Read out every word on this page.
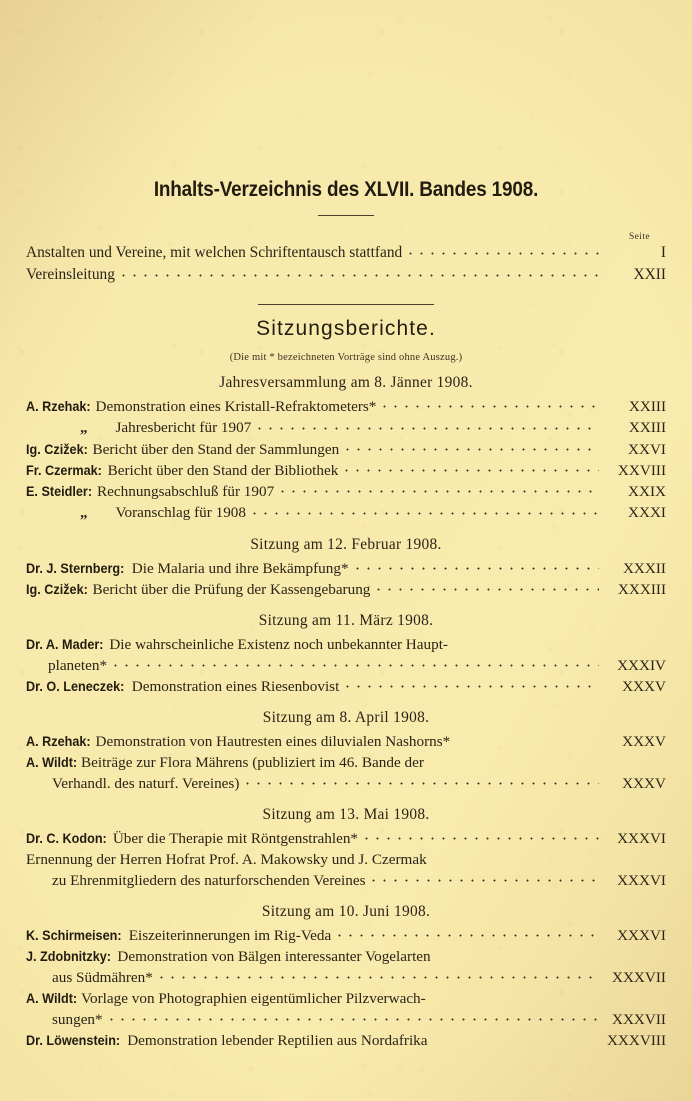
Inhalts-Verzeichnis des XLVII. Bandes 1908.
Seite
Anstalten und Vereine, mit welchen Schriftentausch stattfand	I
Vereinsleitung	XXII
Sitzungsberichte.
(Die mit * bezeichneten Vorträge sind ohne Auszug.)
Jahresversammlung am 8. Jänner 1908.
A. Rzehak: Demonstration eines Kristall-Refraktometers*	XXIII
„	Jahresbericht für 1907	XXIII
Ig. Czižek: Bericht über den Stand der Sammlungen	XXVI
Fr. Czermak: Bericht über den Stand der Bibliothek	XXVIII
E. Steidler: Rechnungsabschluß für 1907	XXIX
„	Voranschlag für 1908	XXXI
Sitzung am 12. Februar 1908.
Dr. J. Sternberg: Die Malaria und ihre Bekämpfung*	XXXII
Ig. Czižek: Bericht über die Prüfung der Kassengebarung	XXXIII
Sitzung am 11. März 1908.
Dr. A. Mader: Die wahrscheinliche Existenz noch unbekannter Haupt-
planeten*	XXXIV
Dr. O. Leneczek: Demonstration eines Riesenbovist	XXXV
Sitzung am 8. April 1908.
A. Rzehak: Demonstration von Hautresten eines diluvialen Nashorns*	XXXV
A. Wildt: Beiträge zur Flora Mährens (publiziert im 46. Bande der
Verhandl. des naturf. Vereines)	XXXV
Sitzung am 13. Mai 1908.
Dr. C. Kodon: Über die Therapie mit Röntgenstrahlen*	XXXVI
Ernennung der Herren Hofrat Prof. A. Makowsky und J. Czermak
zu Ehrenmitgliedern des naturforschenden Vereines	XXXVI
Sitzung am 10. Juni 1908.
K. Schirmeisen: Eiszeiterinnerungen im Rig-Veda	XXXVI
J. Zdobnitzky: Demonstration von Bälgen interessanter Vogelarten
aus Südmähren*	XXXVII
A. Wildt: Vorlage von Photographien eigentümlicher Pilzverwach-
sungen*	XXXVII
Dr. Löwenstein: Demonstration lebender Reptilien aus Nordafrika	XXXVIII
